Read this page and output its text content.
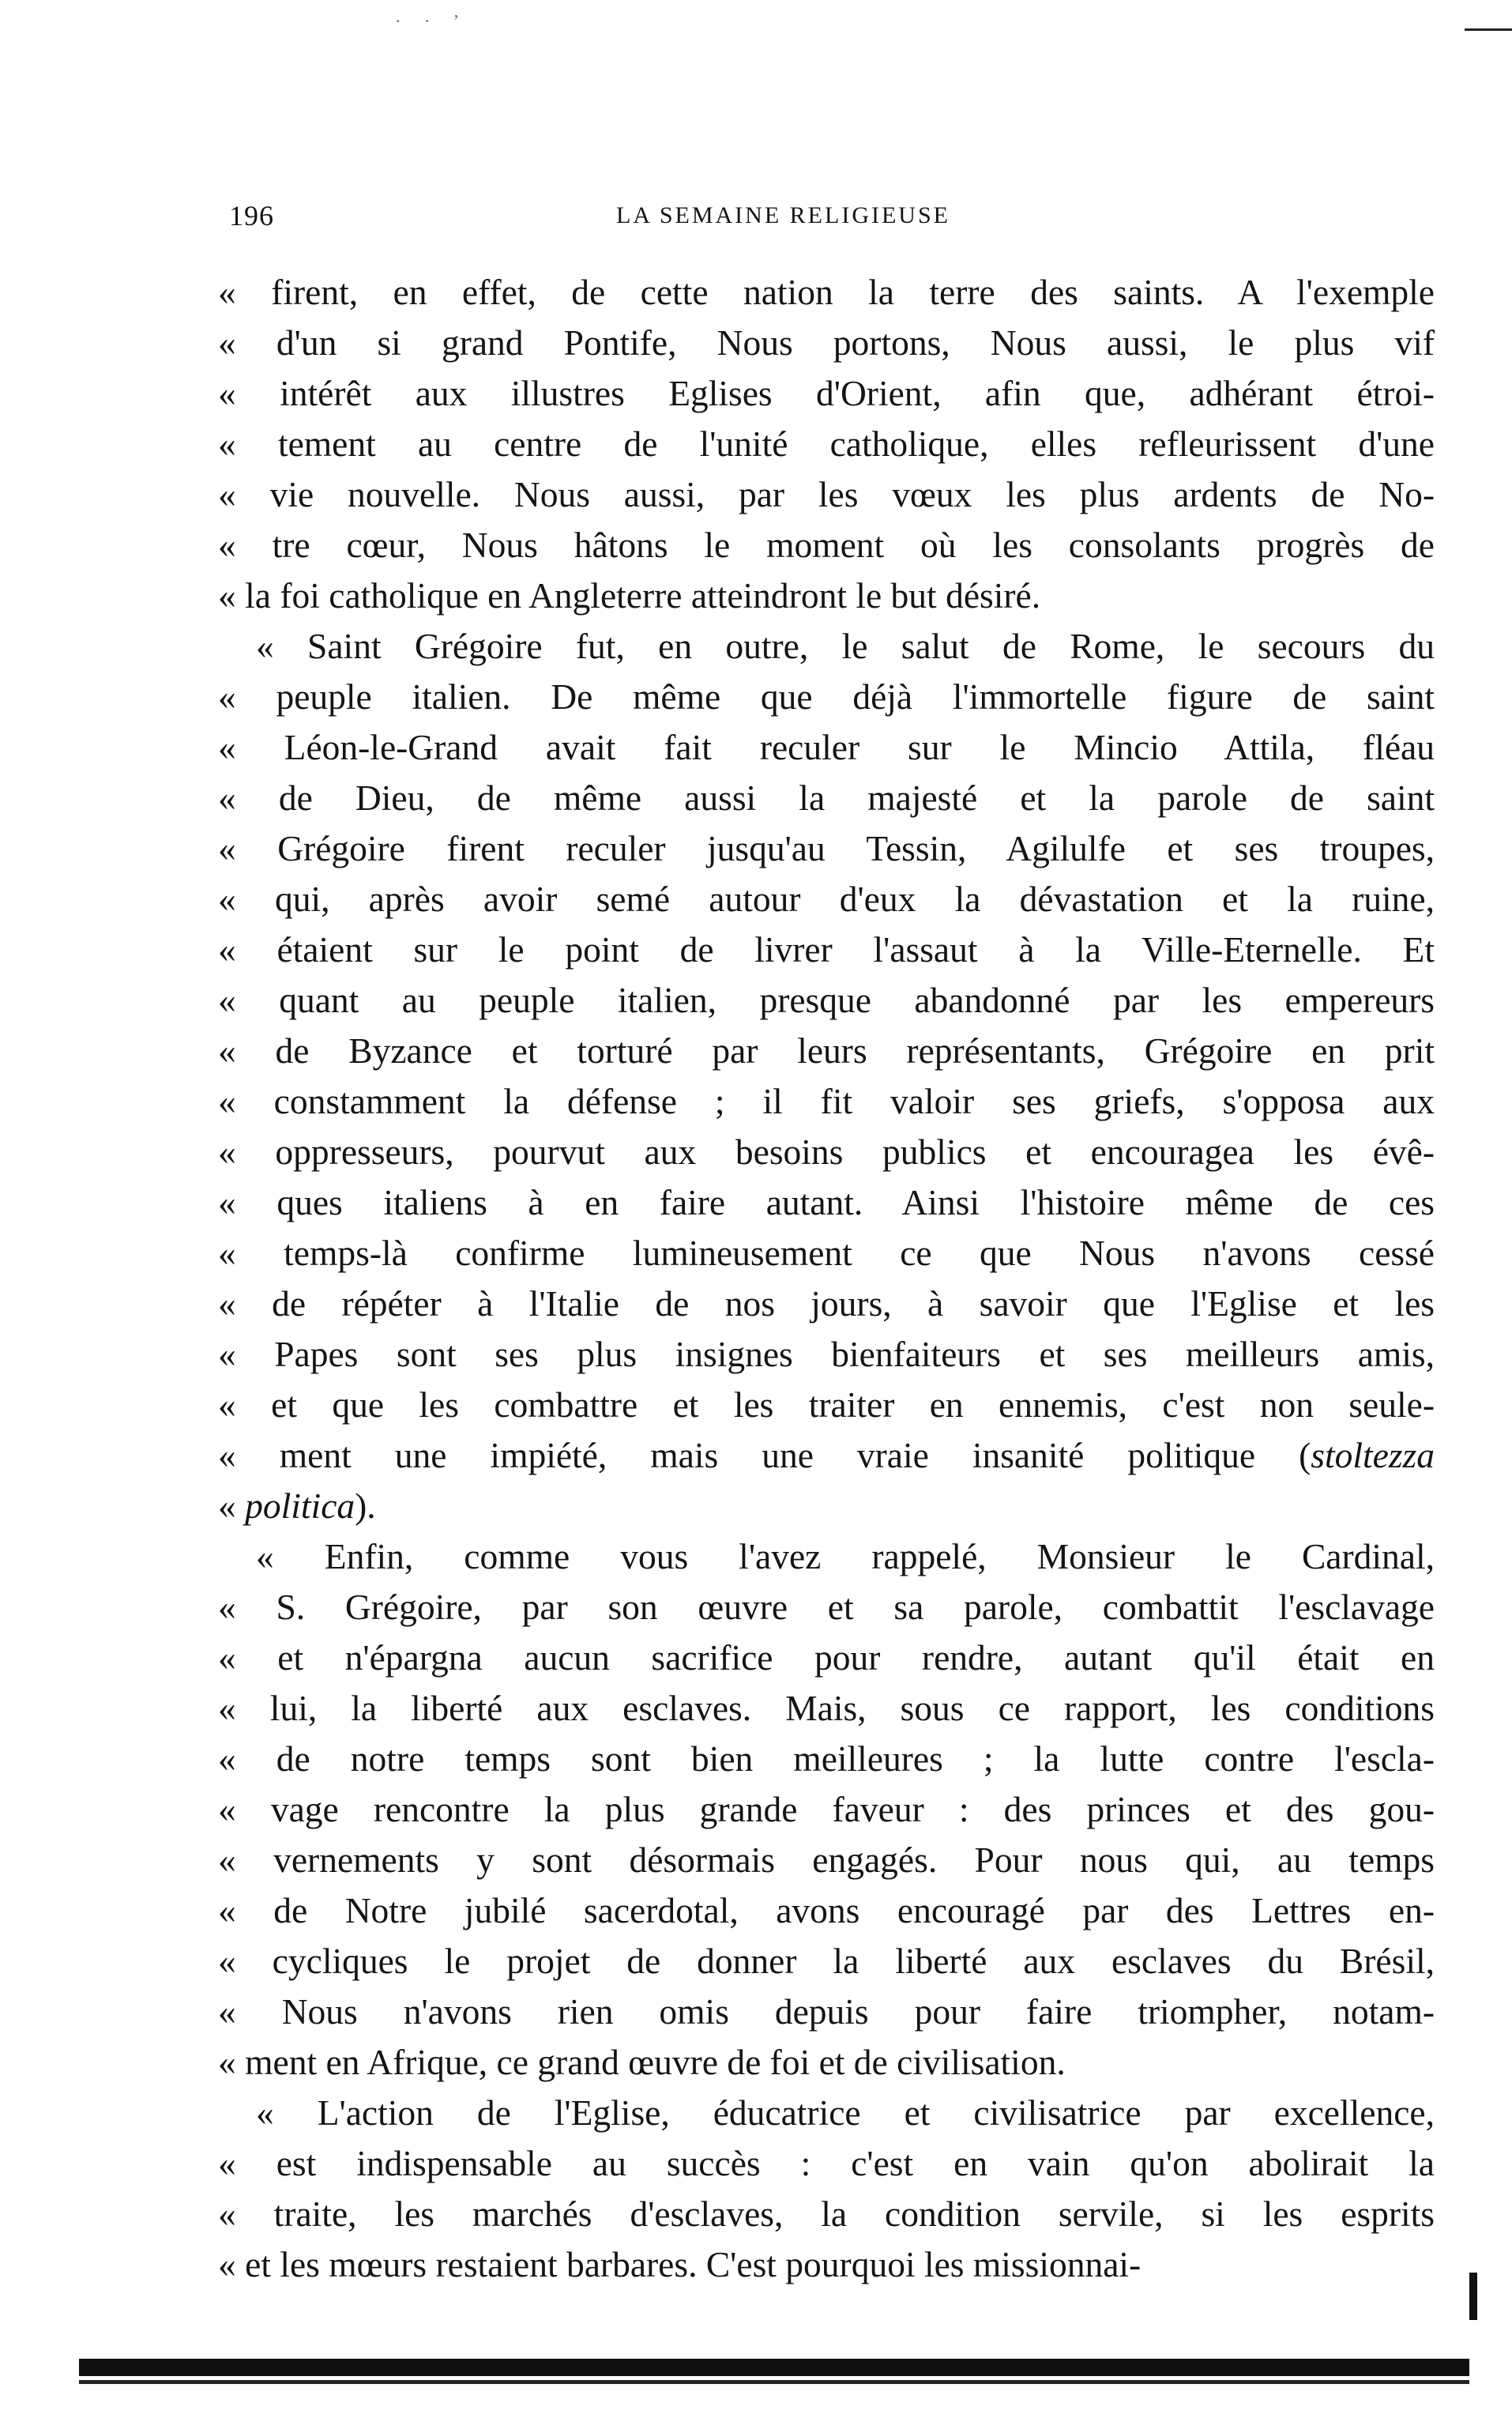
· · ʼ
196	LA SEMAINE RELIGIEUSE
« firent, en effet, de cette nation la terre des saints. A l'exemple
« d'un si grand Pontife, Nous portons, Nous aussi, le plus vif
« intérêt aux illustres Eglises d'Orient, afin que, adhérant étroi-
« tement au centre de l'unité catholique, elles refleurissent d'une
« vie nouvelle. Nous aussi, par les vœux les plus ardents de No-
« tre cœur, Nous hâtons le moment où les consolants progrès de
« la foi catholique en Angleterre atteindront le but désiré.
« Saint Grégoire fut, en outre, le salut de Rome, le secours du
« peuple italien. De même que déjà l'immortelle figure de saint
« Léon-le-Grand avait fait reculer sur le Mincio Attila, fléau
« de Dieu, de même aussi la majesté et la parole de saint
« Grégoire firent reculer jusqu'au Tessin, Agilulfe et ses troupes,
« qui, après avoir semé autour d'eux la dévastation et la ruine,
« étaient sur le point de livrer l'assaut à la Ville-Eternelle. Et
« quant au peuple italien, presque abandonné par les empereurs
« de Byzance et torturé par leurs représentants, Grégoire en prit
« constamment la défense ; il fit valoir ses griefs, s'opposa aux
« oppresseurs, pourvut aux besoins publics et encouragea les évê-
« ques italiens à en faire autant. Ainsi l'histoire même de ces
« temps-là confirme lumineusement ce que Nous n'avons cessé
« de répéter à l'Italie de nos jours, à savoir que l'Eglise et les
« Papes sont ses plus insignes bienfaiteurs et ses meilleurs amis,
« et que les combattre et les traiter en ennemis, c'est non seule-
« ment une impiété, mais une vraie insanité politique (stoltezza
« politica).
« Enfin, comme vous l'avez rappelé, Monsieur le Cardinal,
« S. Grégoire, par son œuvre et sa parole, combattit l'esclavage
« et n'épargna aucun sacrifice pour rendre, autant qu'il était en
« lui, la liberté aux esclaves. Mais, sous ce rapport, les conditions
« de notre temps sont bien meilleures ; la lutte contre l'escla-
« vage rencontre la plus grande faveur : des princes et des gou-
« vernements y sont désormais engagés. Pour nous qui, au temps
« de Notre jubilé sacerdotal, avons encouragé par des Lettres en-
« cycliques le projet de donner la liberté aux esclaves du Brésil,
« Nous n'avons rien omis depuis pour faire triompher, notam-
« ment en Afrique, ce grand œuvre de foi et de civilisation.
« L'action de l'Eglise, éducatrice et civilisatrice par excellence,
« est indispensable au succès : c'est en vain qu'on abolirait la
« traite, les marchés d'esclaves, la condition servile, si les esprits
« et les mœurs restaient barbares. C'est pourquoi les missionnai-
